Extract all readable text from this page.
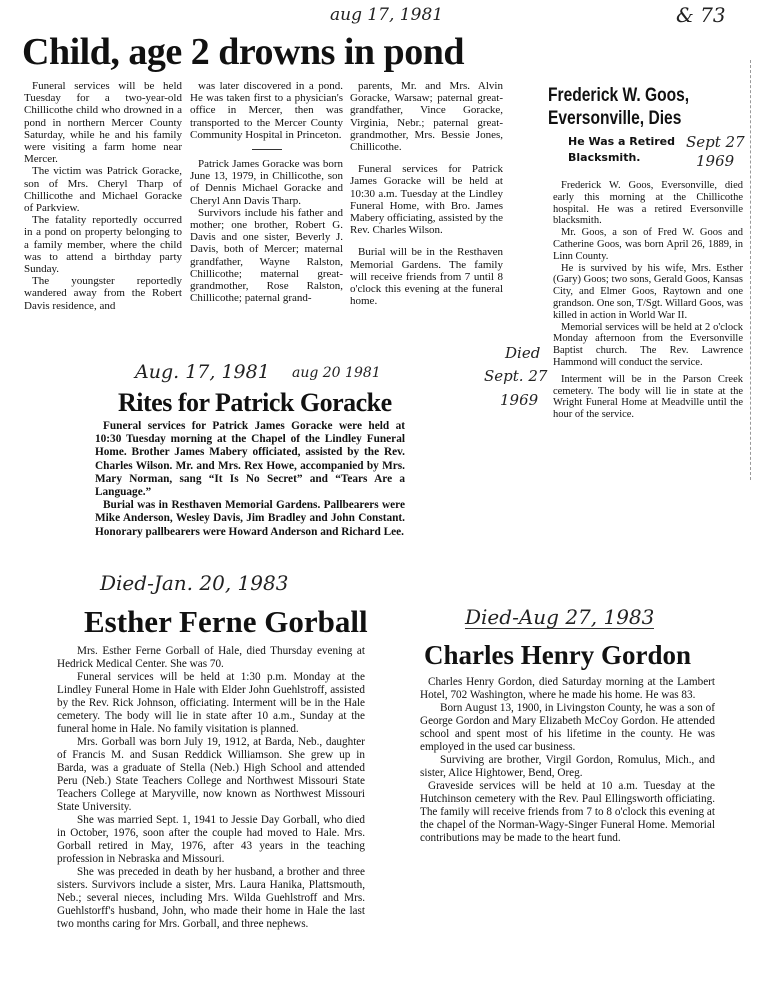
& 73
aug 17, 1981
Aug. 17, 1981 aug 20 1981
Sept 27
1969
Died
Sept. 27
1969
Died-Jan. 20, 1983
Died-Aug 27, 1983
Child, age 2 drowns in pond

Funeral services will be held Tuesday for a two-year-old Chillicothe child who drowned in a pond in northern Mercer County Saturday, while he and his family were visiting a farm home near Mercer.

The victim was Patrick Goracke, son of Mrs. Cheryl Tharp of Chillicothe and Michael Goracke of Parkview.

The fatality reportedly occurred in a pond on property belonging to a family member, where the child was to attend a birthday party Sunday.

The youngster reportedly wandered away from the Robert Davis residence, and

was later discovered in a pond. He was taken first to a physician's office in Mercer, then was transported to the Mercer County Community Hospital in Princeton.

Patrick James Goracke was born June 13, 1979, in Chillicothe, son of Dennis Michael Goracke and Cheryl Ann Davis Tharp.

Survivors include his father and mother; one brother, Robert G. Davis and one sister, Beverly J. Davis, both of Mercer; maternal grandfather, Wayne Ralston, Chillicothe; maternal great-grandmother, Rose Ralston, Chillicothe; paternal grand-

parents, Mr. and Mrs. Alvin Goracke, Warsaw; paternal great-grandfather, Vince Goracke, Virginia, Nebr.; paternal great-grandmother, Mrs. Bessie Jones, Chillicothe.

Funeral services for Patrick James Goracke will be held at 10:30 a.m. Tuesday at the Lindley Funeral Home, with Bro. James Mabery officiating, assisted by the Rev. Charles Wilson.

Burial will be in the Resthaven Memorial Gardens. The family will receive friends from 7 until 8 o'clock this evening at the funeral home.

Frederick W. Goos, Eversonville, Dies
He Was a Retired Blacksmith.

Frederick W. Goos, Eversonville, died early this morning at the Chillicothe hospital. He was a retired Eversonville blacksmith.

Mr. Goos, a son of Fred W. Goos and Catherine Goos, was born April 26, 1889, in Linn County.

He is survived by his wife, Mrs. Esther (Gary) Goos; two sons, Gerald Goos, Kansas City, and Elmer Goos, Raytown and one grandson. One son, T/Sgt. Willard Goos, was killed in action in World War II.

Memorial services will be held at 2 o'clock Monday afternoon from the Eversonville Baptist church. The Rev. Lawrence Hammond will conduct the service.

Interment will be in the Parson Creek cemetery. The body will lie in state at the Wright Funeral Home at Meadville until the hour of the service.

Rites for Patrick Goracke

Funeral services for Patrick James Goracke were held at 10:30 Tuesday morning at the Chapel of the Lindley Funeral Home. Brother James Mabery officiated, assisted by the Rev. Charles Wilson. Mr. and Mrs. Rex Howe, accompanied by Mrs. Mary Norman, sang “It Is No Secret” and “Tears Are a Language.”

Burial was in Resthaven Memorial Gardens. Pallbearers were Mike Anderson, Wesley Davis, Jim Bradley and John Constant. Honorary pallbearers were Howard Anderson and Richard Lee.

Esther Ferne Gorball

Mrs. Esther Ferne Gorball of Hale, died Thursday evening at Hedrick Medical Center. She was 70.

Funeral services will be held at 1:30 p.m. Monday at the Lindley Funeral Home in Hale with Elder John Guehlstroff, assisted by the Rev. Rick Johnson, officiating. Interment will be in the Hale cemetery. The body will lie in state after 10 a.m., Sunday at the funeral home in Hale. No family visitation is planned.

Mrs. Gorball was born July 19, 1912, at Barda, Neb., daughter of Francis M. and Susan Reddick Williamson. She grew up in Barda, was a graduate of Stella (Neb.) High School and attended Peru (Neb.) State Teachers College and Northwest Missouri State Teachers College at Maryville, now known as Northwest Missouri State University.

She was married Sept. 1, 1941 to Jessie Day Gorball, who died in October, 1976, soon after the couple had moved to Hale. Mrs. Gorball retired in May, 1976, after 43 years in the teaching profession in Nebraska and Missouri.

She was preceded in death by her husband, a brother and three sisters. Survivors include a sister, Mrs. Laura Hanika, Plattsmouth, Neb.; several nieces, including Mrs. Wilda Guehlstroff and Mrs. Guehlstorff's husband, John, who made their home in Hale the last two months caring for Mrs. Gorball, and three nephews.

Charles Henry Gordon

Charles Henry Gordon, died Saturday morning at the Lambert Hotel, 702 Washington, where he made his home. He was 83.

Born August 13, 1900, in Livingston County, he was a son of George Gordon and Mary Elizabeth McCoy Gordon. He attended school and spent most of his lifetime in the county. He was employed in the used car business.

Surviving are brother, Virgil Gordon, Romulus, Mich., and sister, Alice Hightower, Bend, Oreg.

Graveside services will be held at 10 a.m. Tuesday at the Hutchinson cemetery with the Rev. Paul Ellingsworth officiating. The family will receive friends from 7 to 8 o'clock this evening at the chapel of the Norman-Wagy-Singer Funeral Home. Memorial contributions may be made to the heart fund.
